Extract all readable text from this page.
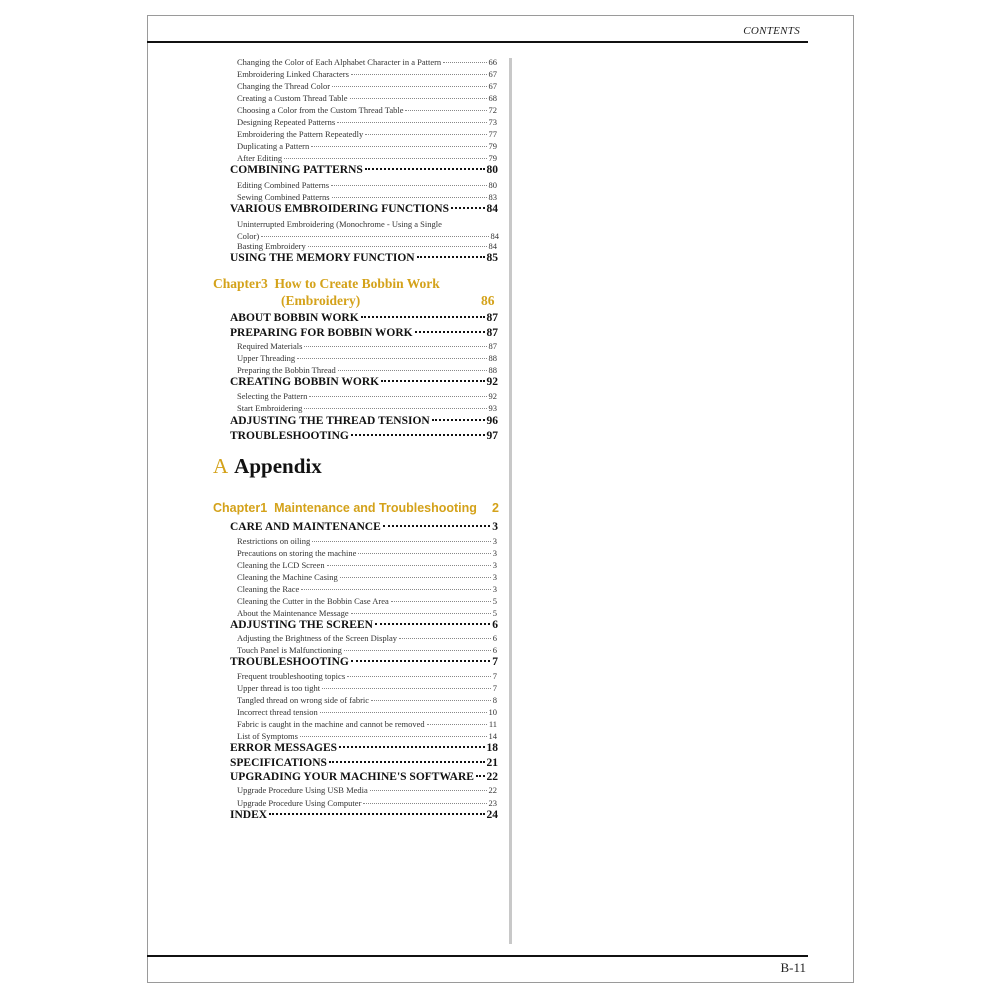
CONTENTS
B-11
Changing the Color of Each Alphabet Character in a Pattern	66
Embroidering Linked Characters	67
Changing the Thread Color	67
Creating a Custom Thread Table	68
Choosing a Color from the Custom Thread Table	72
Designing Repeated Patterns	73
Embroidering the Pattern Repeatedly	77
Duplicating a Pattern	79
After Editing	79
COMBINING PATTERNS	80
Editing Combined Patterns	80
Sewing Combined Patterns	83
VARIOUS EMBROIDERING FUNCTIONS	84
Uninterrupted Embroidering (Monochrome - Using a Single
Color)	84
Basting Embroidery	84
USING THE MEMORY FUNCTION	85
Chapter3 How to Create Bobbin Work
(Embroidery)	86
ABOUT BOBBIN WORK	87
PREPARING FOR BOBBIN WORK	87
Required Materials	87
Upper Threading	88
Preparing the Bobbin Thread	88
CREATING BOBBIN WORK	92
Selecting the Pattern	92
Start Embroidering	93
ADJUSTING THE THREAD TENSION	96
TROUBLESHOOTING	97
A Appendix
Chapter1 Maintenance and Troubleshooting 2
CARE AND MAINTENANCE	3
Restrictions on oiling	3
Precautions on storing the machine	3
Cleaning the LCD Screen	3
Cleaning the Machine Casing	3
Cleaning the Race	3
Cleaning the Cutter in the Bobbin Case Area	5
About the Maintenance Message	5
ADJUSTING THE SCREEN	6
Adjusting the Brightness of the Screen Display	6
Touch Panel is Malfunctioning	6
TROUBLESHOOTING	7
Frequent troubleshooting topics	7
Upper thread is too tight	7
Tangled thread on wrong side of fabric	8
Incorrect thread tension	10
Fabric is caught in the machine and cannot be removed	11
List of Symptoms	14
ERROR MESSAGES	18
SPECIFICATIONS	21
UPGRADING YOUR MACHINE'S SOFTWARE 22
Upgrade Procedure Using USB Media	22
Upgrade Procedure Using Computer	23
INDEX	24
